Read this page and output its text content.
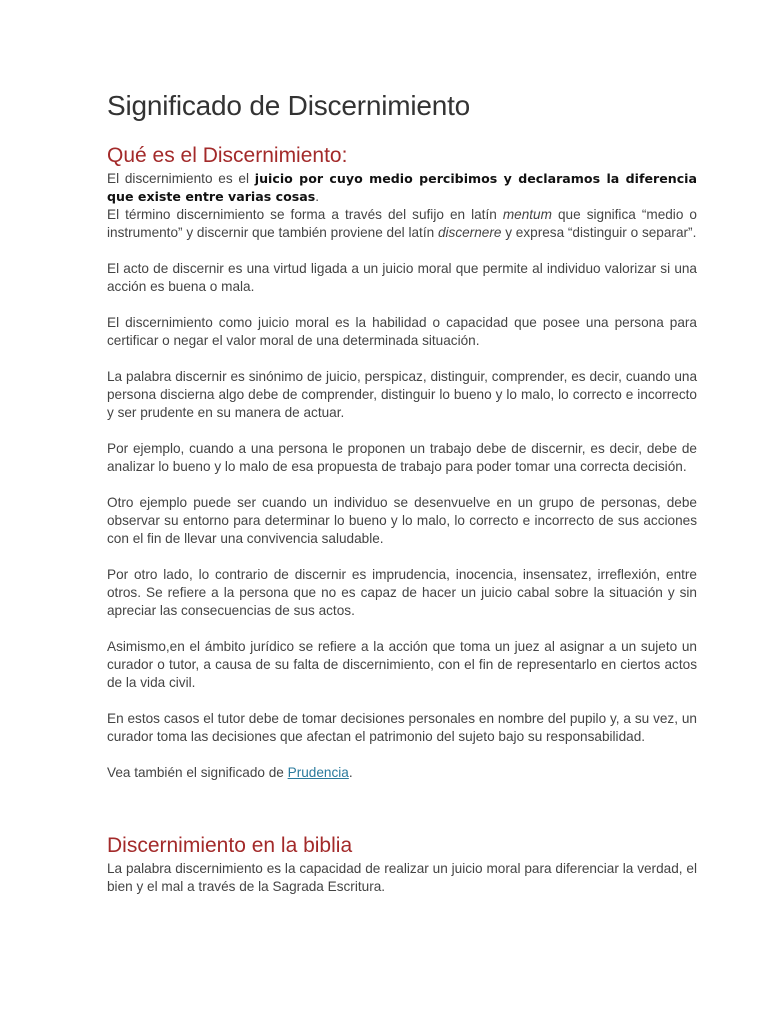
Significado de Discernimiento
Qué es el Discernimiento:

El discernimiento es el juicio por cuyo medio percibimos y declaramos la diferencia que existe entre varias cosas.

El término discernimiento se forma a través del sufijo en latín mentum que significa “medio o instrumento” y discernir que también proviene del latín discernere y expresa “distinguir o separar”.

El acto de discernir es una virtud ligada a un juicio moral que permite al individuo valorizar si una acción es buena o mala.

El discernimiento como juicio moral es la habilidad o capacidad que posee una persona para certificar o negar el valor moral de una determinada situación.

La palabra discernir es sinónimo de juicio, perspicaz, distinguir, comprender, es decir, cuando una persona discierna algo debe de comprender, distinguir lo bueno y lo malo, lo correcto e incorrecto y ser prudente en su manera de actuar.

Por ejemplo, cuando a una persona le proponen un trabajo debe de discernir, es decir, debe de analizar lo bueno y lo malo de esa propuesta de trabajo para poder tomar una correcta decisión.

Otro ejemplo puede ser cuando un individuo se desenvuelve en un grupo de personas, debe observar su entorno para determinar lo bueno y lo malo, lo correcto e incorrecto de sus acciones con el fin de llevar una convivencia saludable.

Por otro lado, lo contrario de discernir es imprudencia, inocencia, insensatez, irreflexión, entre otros. Se refiere a la persona que no es capaz de hacer un juicio cabal sobre la situación y sin apreciar las consecuencias de sus actos.

Asimismo,en el ámbito jurídico se refiere a la acción que toma un juez al asignar a un sujeto un curador o tutor, a causa de su falta de discernimiento, con el fin de representarlo en ciertos actos de la vida civil.

En estos casos el tutor debe de tomar decisiones personales en nombre del pupilo y, a su vez, un curador toma las decisiones que afectan el patrimonio del sujeto bajo su responsabilidad.

Vea también el significado de Prudencia.

Discernimiento en la biblia

La palabra discernimiento es la capacidad de realizar un juicio moral para diferenciar la verdad, el bien y el mal a través de la Sagrada Escritura.
